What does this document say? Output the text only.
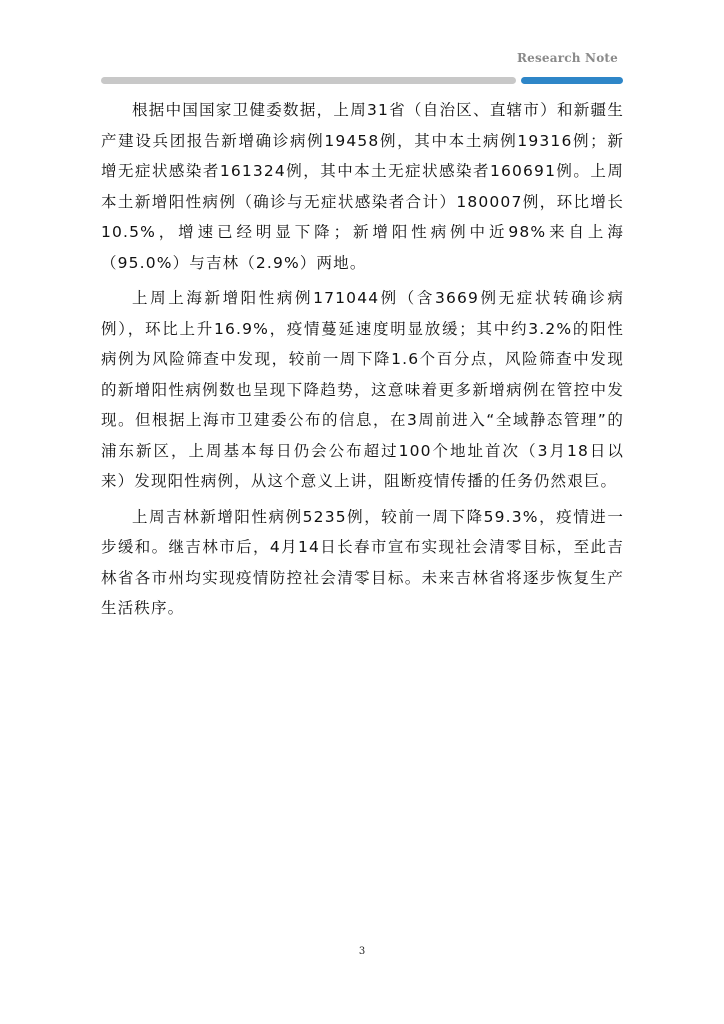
Research Note

根据中国国家卫健委数据，上周31省（自治区、直辖市）和新疆生产建设兵团报告新增确诊病例19458例，其中本土病例19316例；新增无症状感染者161324例，其中本土无症状感染者160691例。上周本土新增阳性病例（确诊与无症状感染者合计）180007例，环比增长10.5%，增速已经明显下降；新增阳性病例中近98%来自上海（95.0%）与吉林（2.9%）两地。

上周上海新增阳性病例171044例（含3669例无症状转确诊病例），环比上升16.9%，疫情蔓延速度明显放缓；其中约3.2%的阳性病例为风险筛查中发现，较前一周下降1.6个百分点，风险筛查中发现的新增阳性病例数也呈现下降趋势，这意味着更多新增病例在管控中发现。但根据上海市卫建委公布的信息，在3周前进入“全域静态管理”的浦东新区，上周基本每日仍会公布超过100个地址首次（3月18日以来）发现阳性病例，从这个意义上讲，阻断疫情传播的任务仍然艰巨。

上周吉林新增阳性病例5235例，较前一周下降59.3%，疫情进一步缓和。继吉林市后，4月14日长春市宣布实现社会清零目标，至此吉林省各市州均实现疫情防控社会清零目标。未来吉林省将逐步恢复生产生活秩序。

3
